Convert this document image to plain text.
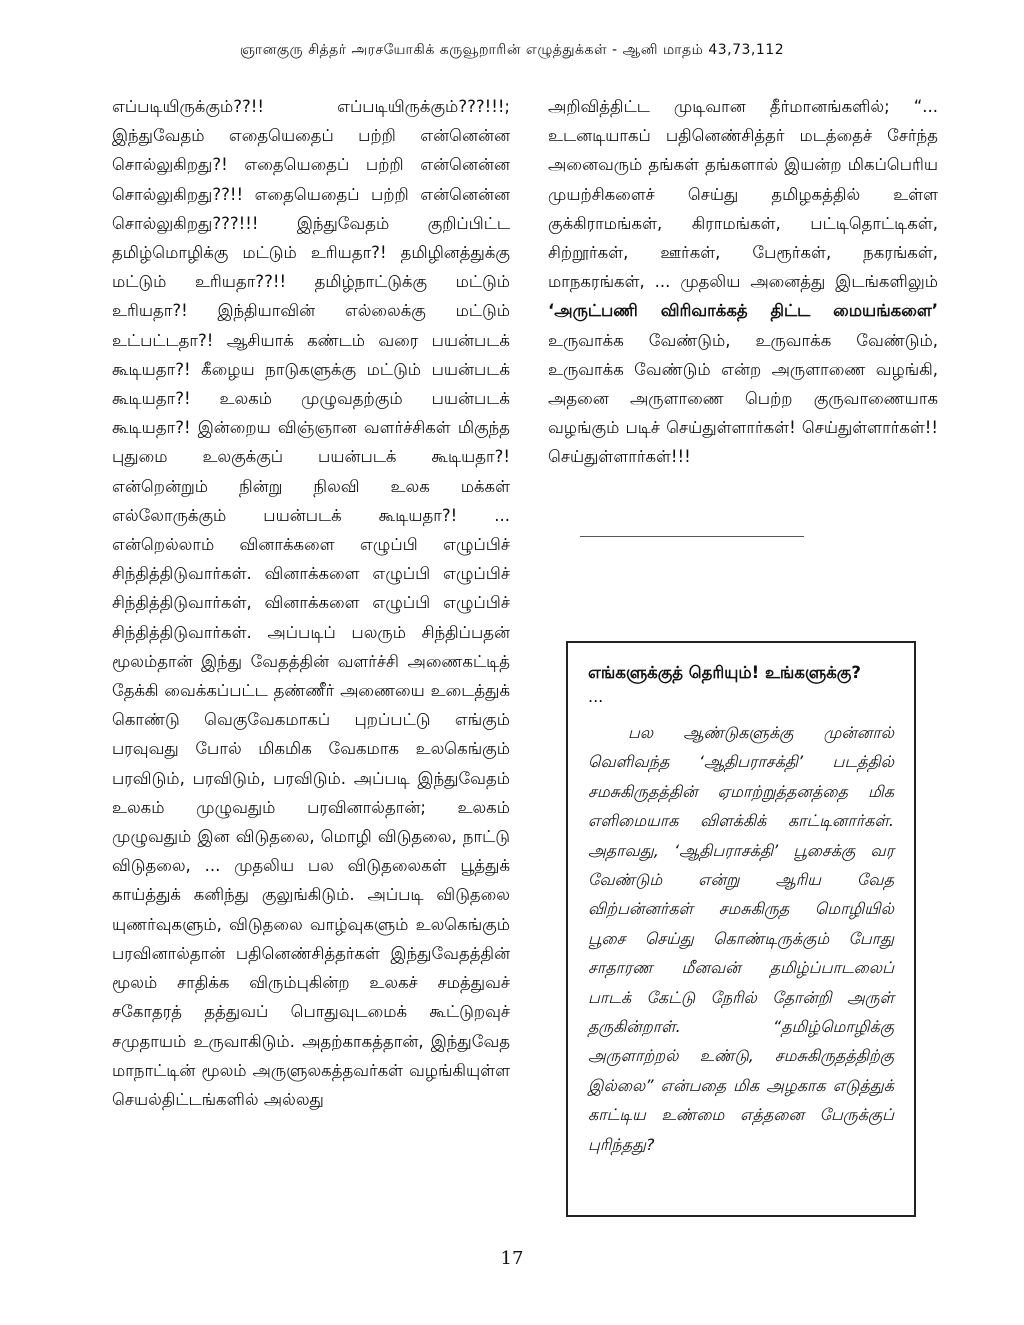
ஞானகுரு சித்தர் அரசயோகிக் கருவூறாரின் எழுத்துக்கள் - ஆனி மாதம் 43,73,112

எப்படியிருக்கும்??!! எப்படியிருக்கும்???!!!; இந்துவேதம் எதையெதைப் பற்றி என்னென்ன சொல்லுகிறது?! எதையெதைப் பற்றி என்னென்ன சொல்லுகிறது??!! எதையெதைப் பற்றி என்னென்ன சொல்லுகிறது???!!! இந்துவேதம் குறிப்பிட்ட தமிழ்மொழிக்கு மட்டும் உரியதா?! தமிழினத்துக்கு மட்டும் உரியதா??!! தமிழ்நாட்டுக்கு மட்டும் உரியதா?! இந்தியாவின் எல்லைக்கு மட்டும் உட்பட்டதா?! ஆசியாக் கண்டம் வரை பயன்படக் கூடியதா?! கீழைய நாடுகளுக்கு மட்டும் பயன்படக் கூடியதா?! உலகம் முழுவதற்கும் பயன்படக் கூடியதா?! இன்றைய விஞ்ஞான வளர்ச்சிகள் மிகுந்த புதுமை உலகுக்குப் பயன்படக் கூடியதா?! என்றென்றும் நின்று நிலவி உலக மக்கள் எல்லோருக்கும் பயன்படக் கூடியதா?! ... என்றெல்லாம் வினாக்களை எழுப்பி எழுப்பிச் சிந்தித்திடுவார்கள். வினாக்களை எழுப்பி எழுப்பிச் சிந்தித்திடுவார்கள், வினாக்களை எழுப்பி எழுப்பிச் சிந்தித்திடுவார்கள். அப்படிப் பலரும் சிந்திப்பதன் மூலம்தான் இந்து வேதத்தின் வளர்ச்சி அணைகட்டித் தேக்கி வைக்கப்பட்ட தண்ணீர் அணையை உடைத்துக் கொண்டு வெகுவேகமாகப் புறப்பட்டு எங்கும் பரவுவது போல் மிகமிக வேகமாக உலகெங்கும் பரவிடும், பரவிடும், பரவிடும். அப்படி இந்துவேதம் உலகம் முழுவதும் பரவினால்தான்; உலகம் முழுவதும் இன விடுதலை, மொழி விடுதலை, நாட்டு விடுதலை, ... முதலிய பல விடுதலைகள் பூத்துக் காய்த்துக் கனிந்து குலுங்கிடும். அப்படி விடுதலை யுணர்வுகளும், விடுதலை வாழ்வுகளும் உலகெங்கும் பரவினால்தான் பதினெண்சித்தர்கள் இந்துவேதத்தின் மூலம் சாதிக்க விரும்புகின்ற உலகச் சமத்துவச் சகோதரத் தத்துவப் பொதுவுடமைக் கூட்டுறவுச் சமுதாயம் உருவாகிடும். அதற்காகத்தான், இந்துவேத மாநாட்டின் மூலம் அருளுலகத்தவர்கள் வழங்கியுள்ள செயல்திட்டங்களில் அல்லது

அறிவித்திட்ட முடிவான தீர்மானங்களில்; “... உடனடியாகப் பதினெண்சித்தர் மடத்தைச் சேர்ந்த அனைவரும் தங்கள் தங்களால் இயன்ற மிகப்பெரிய முயற்சிகளைச் செய்து தமிழகத்தில் உள்ள குக்கிராமங்கள், கிராமங்கள், பட்டிதொட்டிகள், சிற்றூர்கள், ஊர்கள், பேரூர்கள், நகரங்கள், மாநகரங்கள், ... முதலிய அனைத்து இடங்களிலும் ‘அருட்பணி விரிவாக்கத் திட்ட மையங்களை’ உருவாக்க வேண்டும், உருவாக்க வேண்டும், உருவாக்க வேண்டும் என்ற அருளாணை வழங்கி, அதனை அருளாணை பெற்ற குருவாணையாக வழங்கும் படிச் செய்துள்ளார்கள்! செய்துள்ளார்கள்!! செய்துள்ளார்கள்!!!

எங்களுக்குத் தெரியும்! உங்களுக்கு?

...

பல ஆண்டுகளுக்கு முன்னால் வெளிவந்த ‘ஆதிபராசக்தி’ படத்தில் சமசுகிருதத்தின் ஏமாற்றுத்தனத்தை மிக எளிமையாக விளக்கிக் காட்டினார்கள். அதாவது, ‘ஆதிபராசக்தி’ பூசைக்கு வர வேண்டும் என்று ஆரிய வேத விற்பன்னர்கள் சமசுகிருத மொழியில் பூசை செய்து கொண்டிருக்கும் போது சாதாரண மீனவன் தமிழ்ப்பாடலைப் பாடக் கேட்டு நேரில் தோன்றி அருள் தருகின்றாள். “தமிழ்மொழிக்கு அருளாற்றல் உண்டு, சமசுகிருதத்திற்கு இல்லை” என்பதை மிக அழகாக எடுத்துக் காட்டிய உண்மை எத்தனை பேருக்குப் புரிந்தது?

17
